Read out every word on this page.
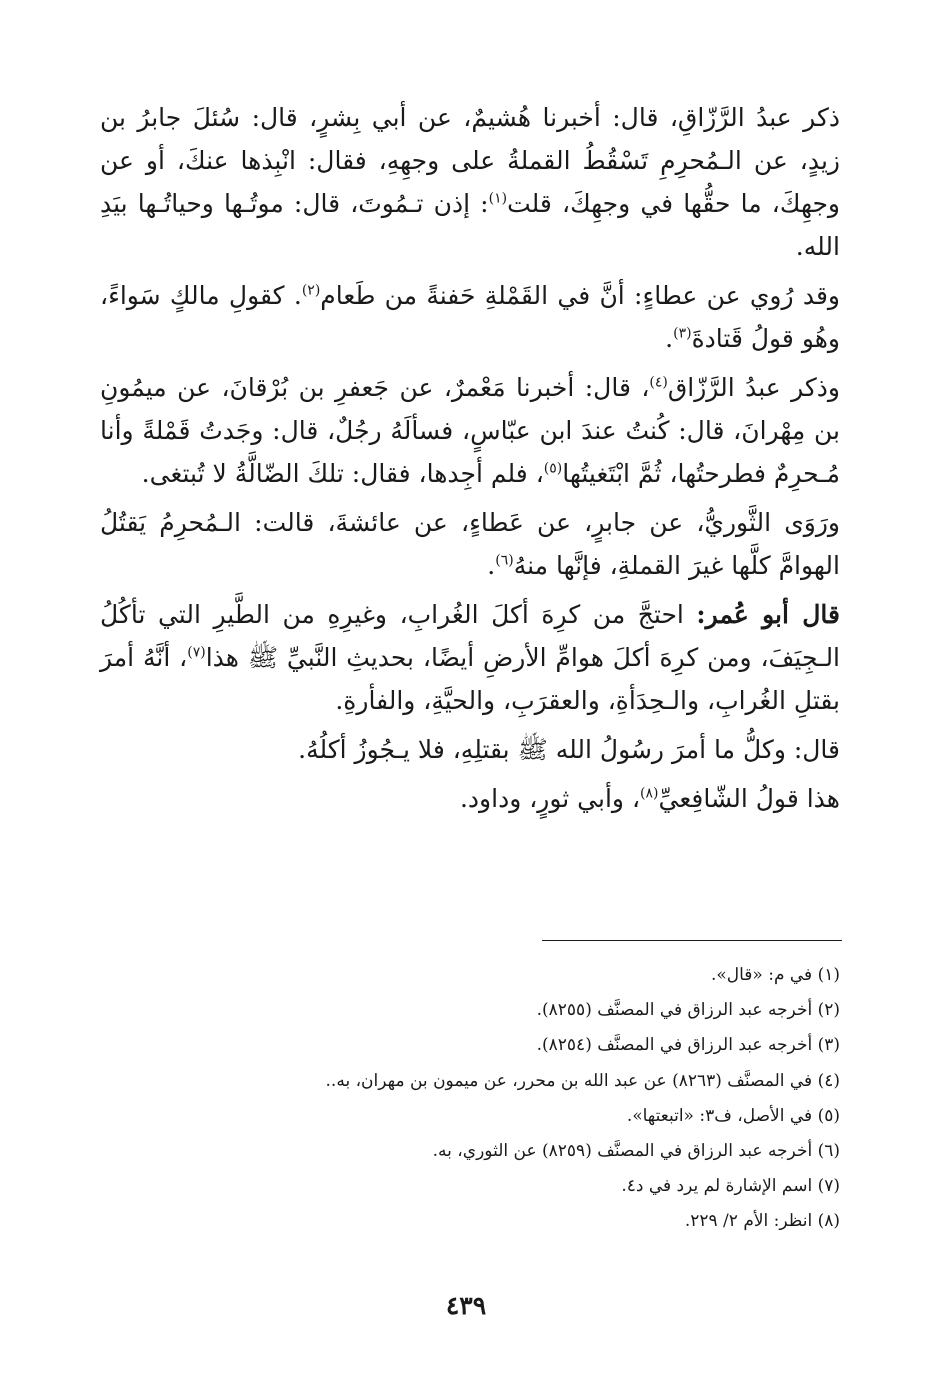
ذكر عبدُ الرَّزّاقِ، قال: أخبرنا هُشيمٌ، عن أبي بِشرٍ، قال: سُئلَ جابرُ بن زيدٍ، عن الـمُحرِمِ تَسْقُطُ القملةُ على وجهِهِ، فقال: انْبِذها عنكَ، أو عن وجهِكَ، ما حقُّها في وجهِكَ، قلت$^{(١)}$: إذن تـمُوتَ، قال: موتُـها وحياتُـها بيَدِ الله.

وقد رُوي عن عطاءٍ: أنَّ في القَمْلةِ حَفنةً من طَعام$^{(٢)}$. كقولِ مالكٍ سَواءً، وهُو قولُ قَتادةَ$^{(٣)}$.

وذكر عبدُ الرَّزّاق$^{(٤)}$، قال: أخبرنا مَعْمرٌ، عن جَعفرِ بن بُرْقانَ، عن ميمُونِ بن مِهْرانَ، قال: كُنتُ عندَ ابن عبّاسٍ، فسألَهُ رجُلٌ، قال: وجَدتُ قَمْلةً وأنا مُـحرِمٌ فطرحتُها، ثُمَّ ابْتَغيتُها$^{(٥)}$، فلم أجِدها، فقال: تلكَ الضّالَّةُ لا تُبتغى.

ورَوَى الثَّوريُّ، عن جابرٍ، عن عَطاءٍ، عن عائشةَ، قالت: الـمُحرِمُ يَقتُلُ الهوامَّ كلَّها غيرَ القملةِ، فإنَّها منهُ$^{(٦)}$.

قال أبو عُمر: احتجَّ من كرِهَ أكلَ الغُرابِ، وغيرِهِ من الطَّيرِ التي تأكُلُ الـجِيَفَ، ومن كرِهَ أكلَ هوامِّ الأرضِ أيضًا، بحديثِ النَّبيِّ ﷺ هذا$^{(٧)}$، أنَّهُ أمرَ بقتلِ الغُرابِ، والـحِدَأةِ، والعقرَبِ، والحيَّةِ، والفأرةِ.

قال: وكلُّ ما أمرَ رسُولُ الله ﷺ بقتلِهِ، فلا يـجُوزُ أكلُهُ.

هذا قولُ الشّافِعيِّ$^{(٨)}$، وأبي ثورٍ، وداود.

(١) في م: «قال».
(٢) أخرجه عبد الرزاق في المصنَّف (٨٢٥٥).
(٣) أخرجه عبد الرزاق في المصنَّف (٨٢٥٤).
(٤) في المصنَّف (٨٢٦٣) عن عبد الله بن محرر، عن ميمون بن مهران، به..
(٥) في الأصل، ف٣: «اتبعتها».
(٦) أخرجه عبد الرزاق في المصنَّف (٨٢٥٩) عن الثوري، به.
(٧) اسم الإشارة لم يرد في د٤.
(٨) انظر: الأم ٢/ ٢٢٩.
٤٣٩
